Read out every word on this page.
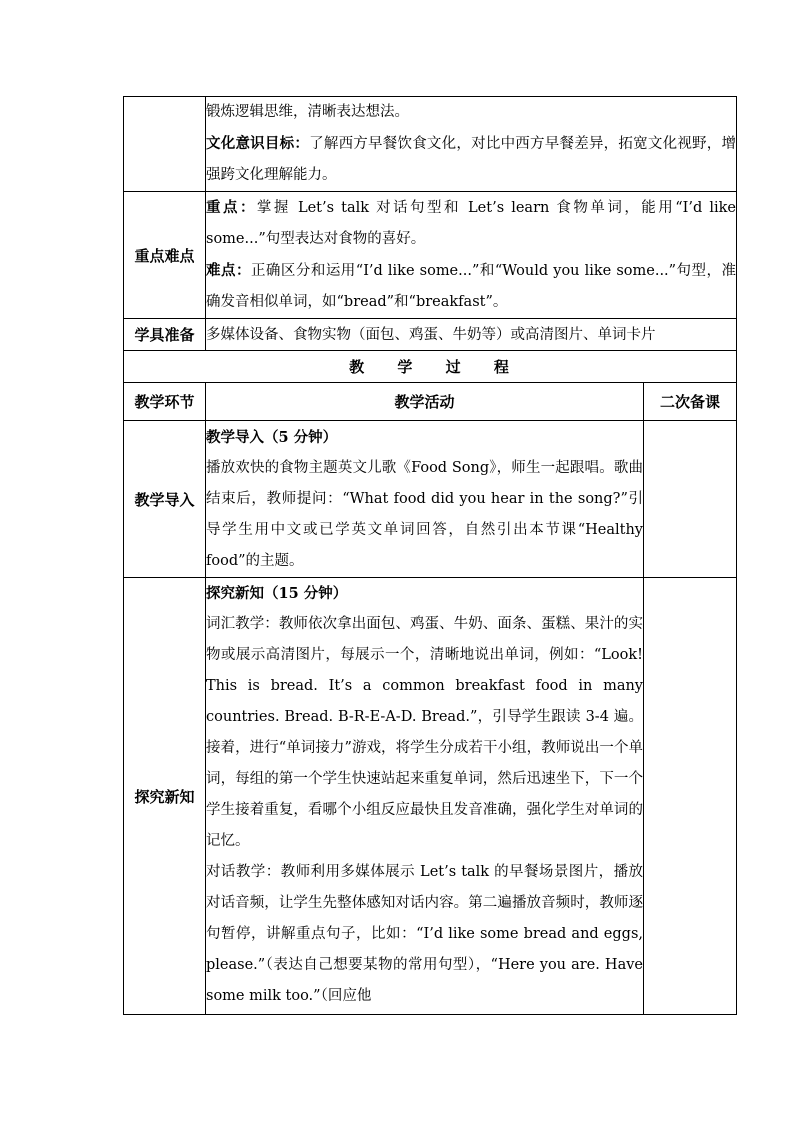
	锻炼逻辑思维，清晰表达想法。

文化意识目标：了解西方早餐饮食文化，对比中西方早餐差异，拓宽文化视野，增强跨文化理解能力。	

重点难点	重点：掌握 Let’s talk 对话句型和 Let’s learn 食物单词，能用“I’d like some...”句型表达对食物的喜好。

难点：正确区分和运用“I’d like some...”和“Would you like some...”句型，准确发音相似单词，如“bread”和“breakfast”。	

学具准备	多媒体设备、食物实物（面包、鸡蛋、牛奶等）或高清图片、单词卡片	
教 学 过 程		
教学环节	教学活动	二次备课
教学导入	教学导入（5 分钟）

播放欢快的食物主题英文儿歌《Food Song》，师生一起跟唱。歌曲结束后，教师提问：“What food did you hear in the song?”引导学生用中文或已学英文单词回答，自然引出本节课“Healthy food”的主题。	

探究新知	探究新知（15 分钟）

词汇教学：教师依次拿出面包、鸡蛋、牛奶、面条、蛋糕、果汁的实物或展示高清图片，每展示一个，清晰地说出单词，例如：“Look! This is bread. It’s a common breakfast food in many countries. Bread. B-R-E-A-D. Bread.”，引导学生跟读 3-4 遍。接着，进行“单词接力”游戏，将学生分成若干小组，教师说出一个单词，每组的第一个学生快速站起来重复单词，然后迅速坐下，下一个学生接着重复，看哪个小组反应最快且发音准确，强化学生对单词的记忆。

对话教学：教师利用多媒体展示 Let’s talk 的早餐场景图片，播放对话音频，让学生先整体感知对话内容。第二遍播放音频时，教师逐句暂停，讲解重点句子，比如：“I’d like some bread and eggs, please.”（表达自己想要某物的常用句型），“Here you are. Have some milk too.”（回应他	
